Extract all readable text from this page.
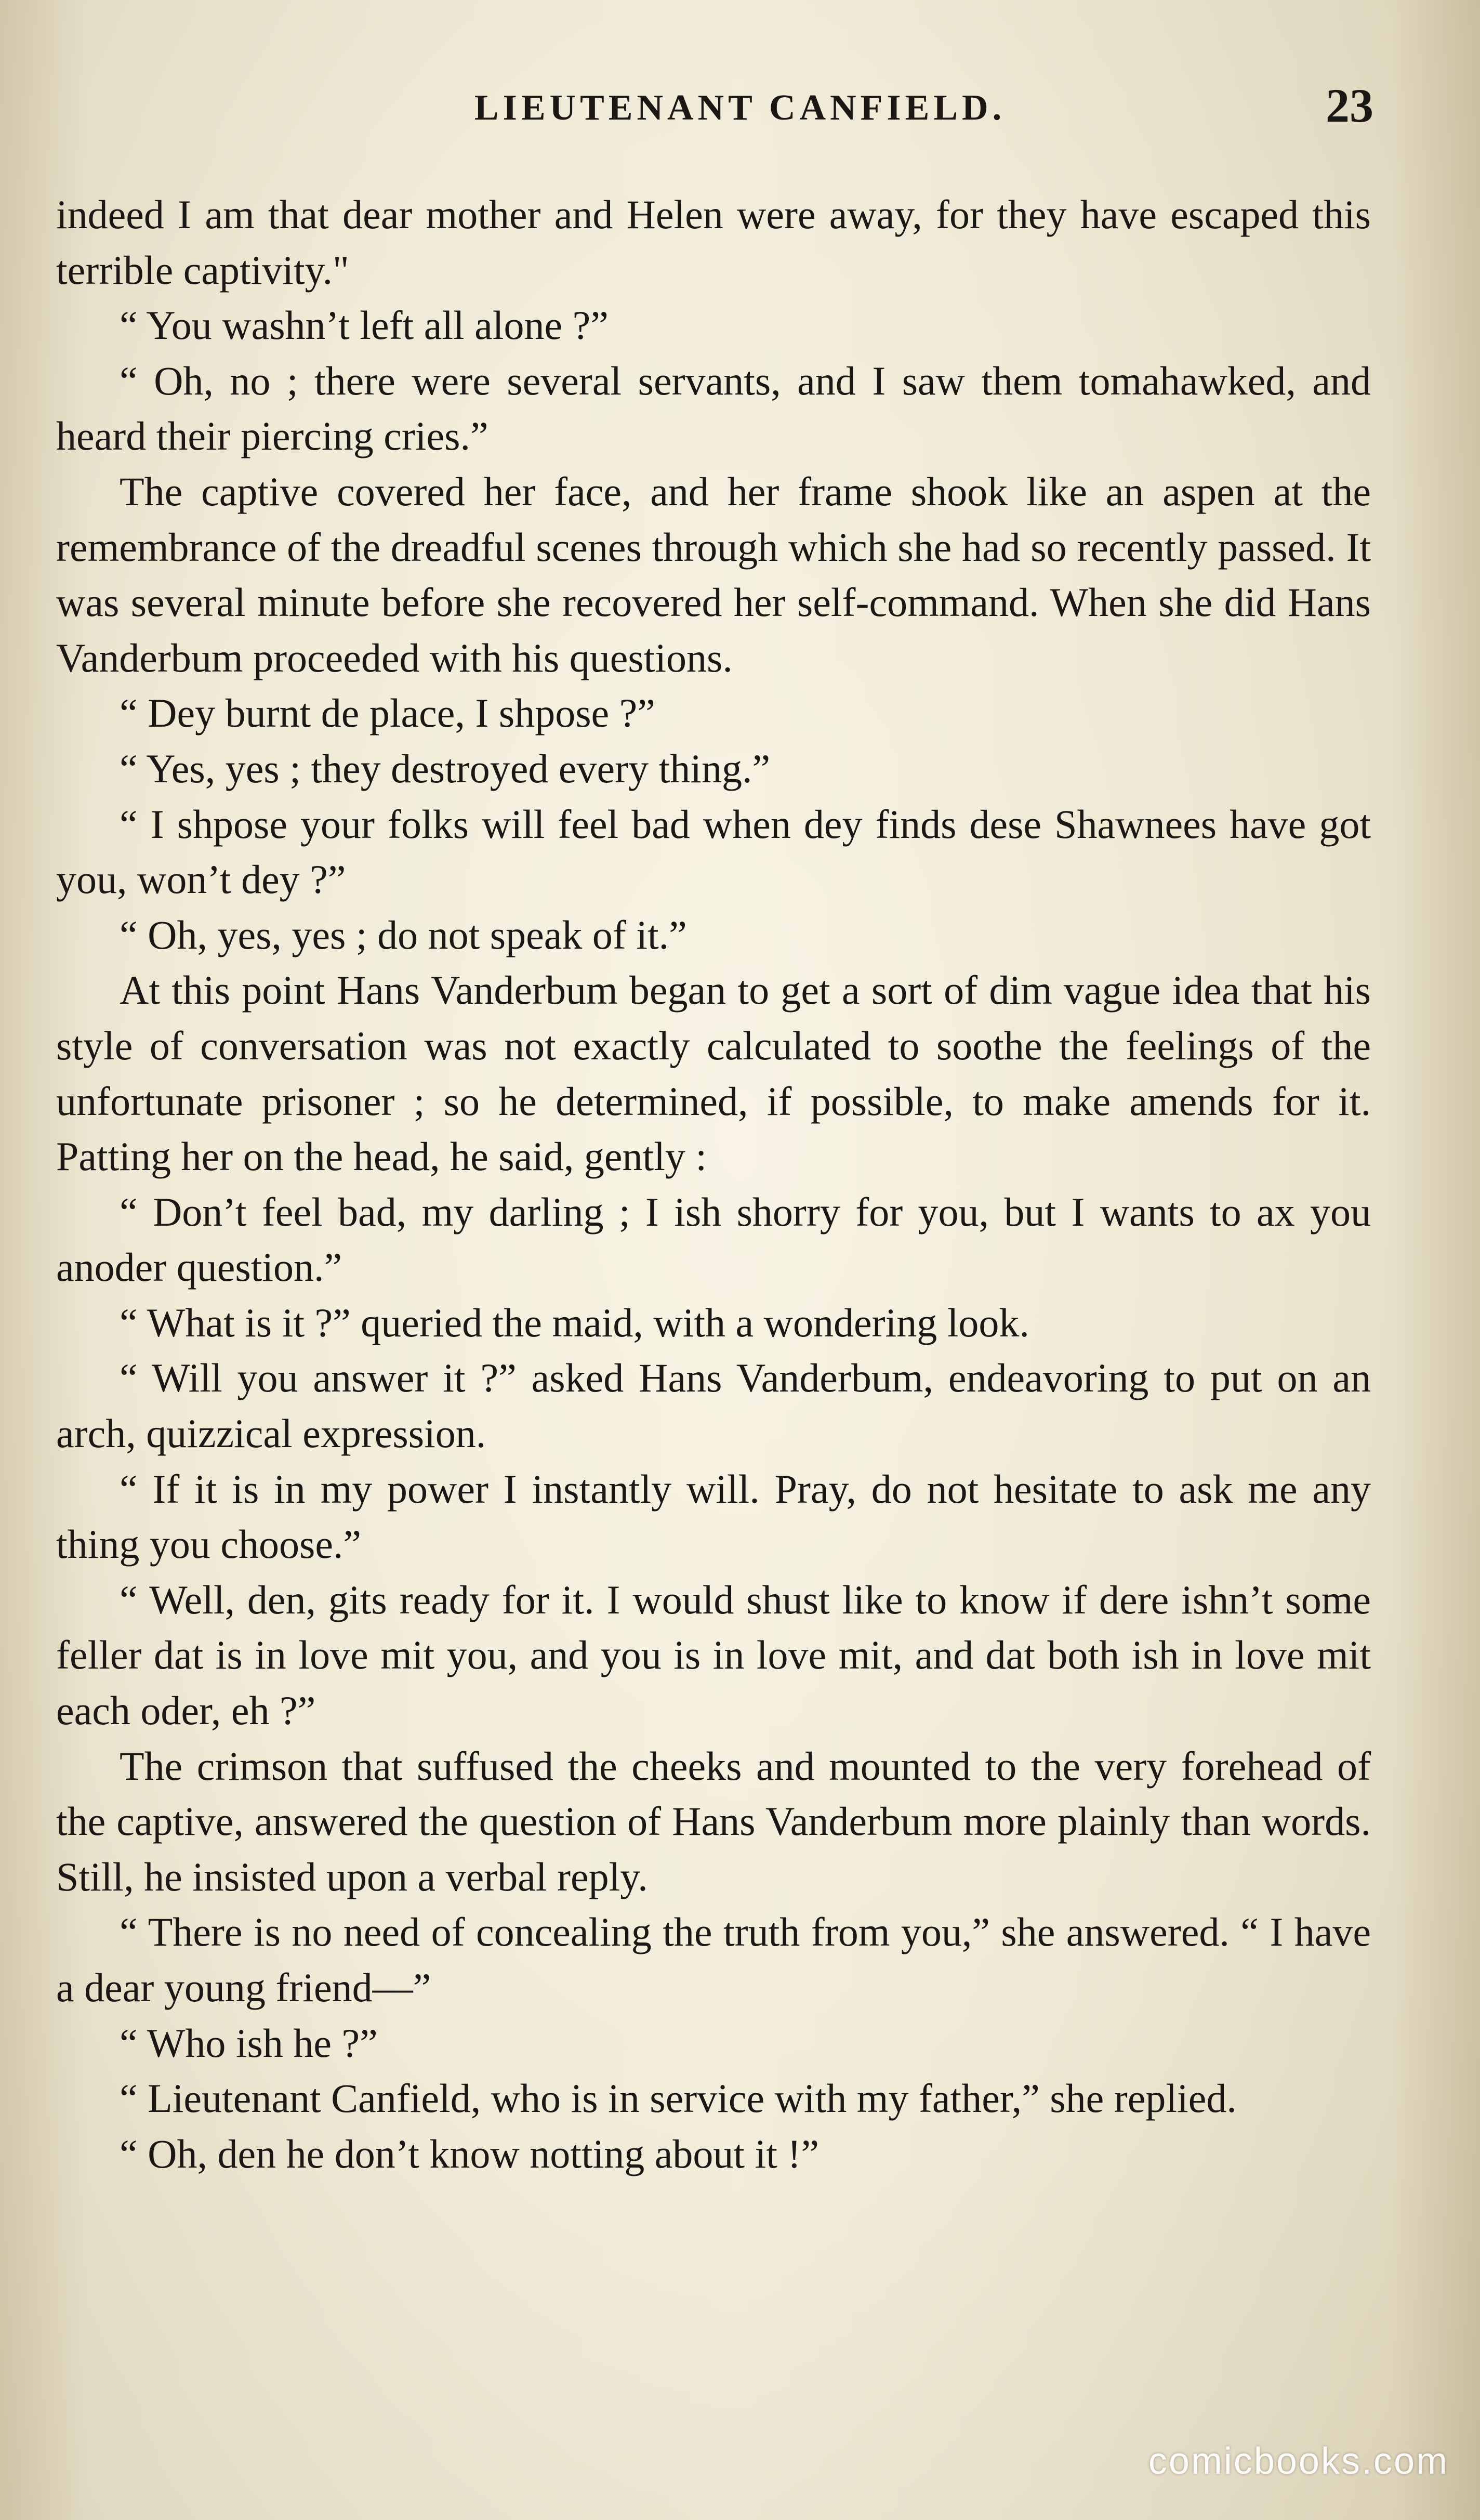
LIEUTENANT CANFIELD.	23

indeed I am that dear mother and Helen were away, for they have escaped this terrible captivity."

“ You washn’t left all alone ?”

“ Oh, no ; there were several servants, and I saw them tomahawked, and heard their piercing cries.”

The captive covered her face, and her frame shook like an aspen at the remembrance of the dreadful scenes through which she had so recently passed. It was several minute before she recovered her self-command. When she did Hans Vanderbum proceeded with his questions.

“ Dey burnt de place, I shpose ?”

“ Yes, yes ; they destroyed every thing.”

“ I shpose your folks will feel bad when dey finds dese Shawnees have got you, won’t dey ?”

“ Oh, yes, yes ; do not speak of it.”

At this point Hans Vanderbum began to get a sort of dim vague idea that his style of conversation was not exactly calculated to soothe the feelings of the unfortunate prisoner ; so he determined, if possible, to make amends for it. Patting her on the head, he said, gently :

“ Don’t feel bad, my darling ; I ish shorry for you, but I wants to ax you anoder question.”

“ What is it ?” queried the maid, with a wondering look.

“ Will you answer it ?” asked Hans Vanderbum, endeavoring to put on an arch, quizzical expression.

“ If it is in my power I instantly will. Pray, do not hesitate to ask me any thing you choose.”

“ Well, den, gits ready for it. I would shust like to know if dere ishn’t some feller dat is in love mit you, and you is in love mit, and dat both ish in love mit each oder, eh ?”

The crimson that suffused the cheeks and mounted to the very forehead of the captive, answered the question of Hans Vanderbum more plainly than words. Still, he insisted upon a verbal reply.

“ There is no need of concealing the truth from you,” she answered. “ I have a dear young friend—”

“ Who ish he ?”

“ Lieutenant Canfield, who is in service with my father,” she replied.

“ Oh, den he don’t know notting about it !”

comicbooks.com
